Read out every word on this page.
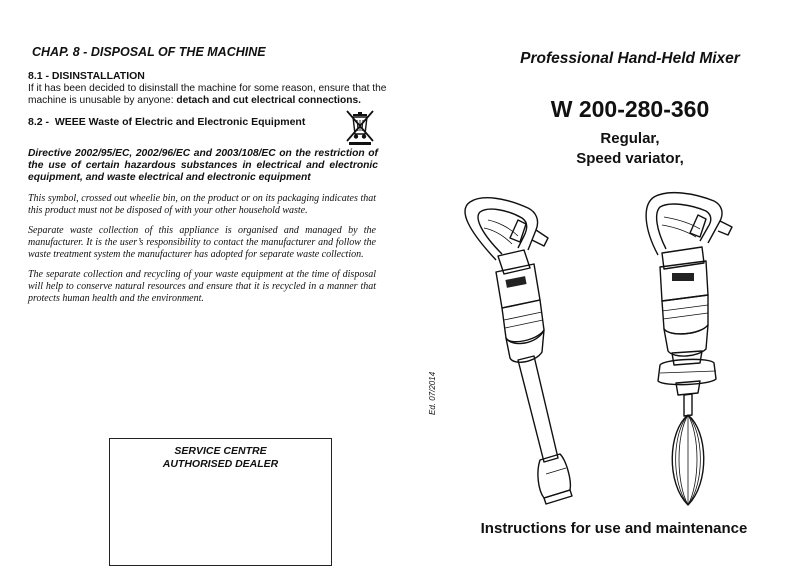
CHAP. 8 - DISPOSAL OF THE MACHINE
8.1 - DISINSTALLATION
If it has been decided to disinstall the machine for some reason, ensure that the machine is unusable by anyone: detach and cut electrical connections.
8.2 -  WEEE Waste of Electric and Electronic Equipment
Directive 2002/95/EC, 2002/96/EC and 2003/108/EC on the restriction of the use of certain hazardous substances in electrical and electronic equipment, and waste electrical and electronic equipment
This symbol, crossed out wheelie bin, on the product or on its packaging indicates that this product must not be disposed of with your other household waste.
Separate waste collection of this appliance is organised and managed by the manufacturer. It is the user’s responsibility to contact the manufacturer and follow the waste treatment system the manufacturer has adopted for separate waste collection.
The separate collection and recycling of your waste equipment at the time of disposal will help to conserve natural resources and ensure that it is recycled in a manner that protects human health and the environment.
SERVICE CENTRE
AUTHORISED DEALER
Ed. 07/2014
Professional Hand-Held Mixer
W 200-280-360
Regular,
Speed variator,
Instructions for use and maintenance
